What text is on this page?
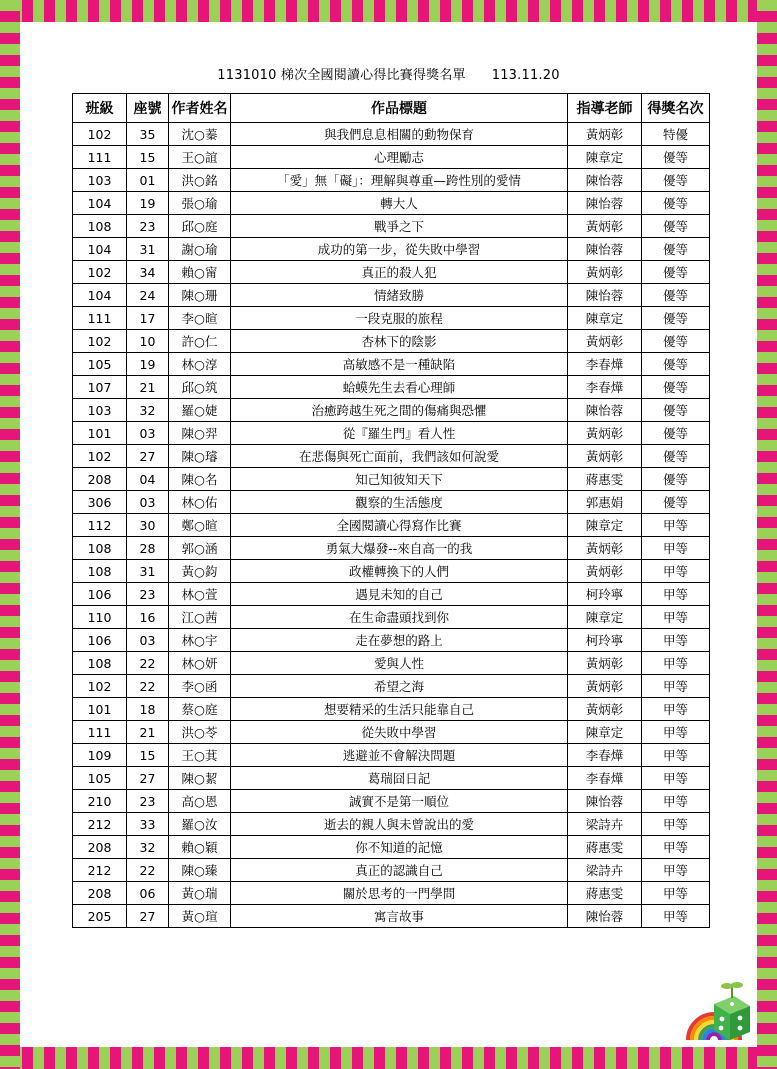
1131010 梯次全國閱讀心得比賽得獎名單 113.11.20
班級	座號	作者姓名	作品標題	指導老師	得獎名次
102	35	沈○蓁	與我們息息相關的動物保育	黃炳彰	特優
111	15	王○誼	心理勵志	陳章定	優等
103	01	洪○銘	「愛」無「礙」：理解與尊重—跨性別的愛情	陳怡蓉	優等
104	19	張○瑜	轉大人	陳怡蓉	優等
108	23	邱○庭	戰爭之下	黃炳彰	優等
104	31	謝○瑜	成功的第一步，從失敗中學習	陳怡蓉	優等
102	34	賴○甯	真正的殺人犯	黃炳彰	優等
104	24	陳○珊	情緒致勝	陳怡蓉	優等
111	17	李○暄	一段克服的旅程	陳章定	優等
102	10	許○仁	杏林下的陰影	黃炳彰	優等
105	19	林○淳	高敏感不是一種缺陷	李春燁	優等
107	21	邱○筑	蛤蟆先生去看心理師	李春燁	優等
103	32	羅○婕	治癒跨越生死之間的傷痛與恐懼	陳怡蓉	優等
101	03	陳○羿	從『羅生門』看人性	黃炳彰	優等
102	27	陳○璿	在悲傷與死亡面前，我們該如何說愛	黃炳彰	優等
208	04	陳○名	知己知彼知天下	蔣惠雯	優等
306	03	林○佑	觀察的生活態度	郭惠娟	優等
112	30	鄭○暄	全國閱讀心得寫作比賽	陳章定	甲等
108	28	郭○涵	勇氣大爆發--來自高一的我	黃炳彰	甲等
108	31	黃○鈞	政權轉換下的人們	黃炳彰	甲等
106	23	林○萱	遇見未知的自己	柯玲寧	甲等
110	16	江○茜	在生命盡頭找到你	陳章定	甲等
106	03	林○宇	走在夢想的路上	柯玲寧	甲等
108	22	林○妍	愛與人性	黃炳彰	甲等
102	22	李○函	希望之海	黃炳彰	甲等
101	18	蔡○庭	想要精采的生活只能靠自己	黃炳彰	甲等
111	21	洪○苓	從失敗中學習	陳章定	甲等
109	15	王○萁	逃避並不會解決問題	李春燁	甲等
105	27	陳○絜	葛瑞囧日記	李春燁	甲等
210	23	高○恩	誠實不是第一順位	陳怡蓉	甲等
212	33	羅○汝	逝去的親人與未曾說出的愛	梁詩卉	甲等
208	32	賴○穎	你不知道的記憶	蔣惠雯	甲等
212	22	陳○臻	真正的認識自己	梁詩卉	甲等
208	06	黃○瑞	關於思考的一門學問	蔣惠雯	甲等
205	27	黃○瑄	寓言故事	陳怡蓉	甲等
